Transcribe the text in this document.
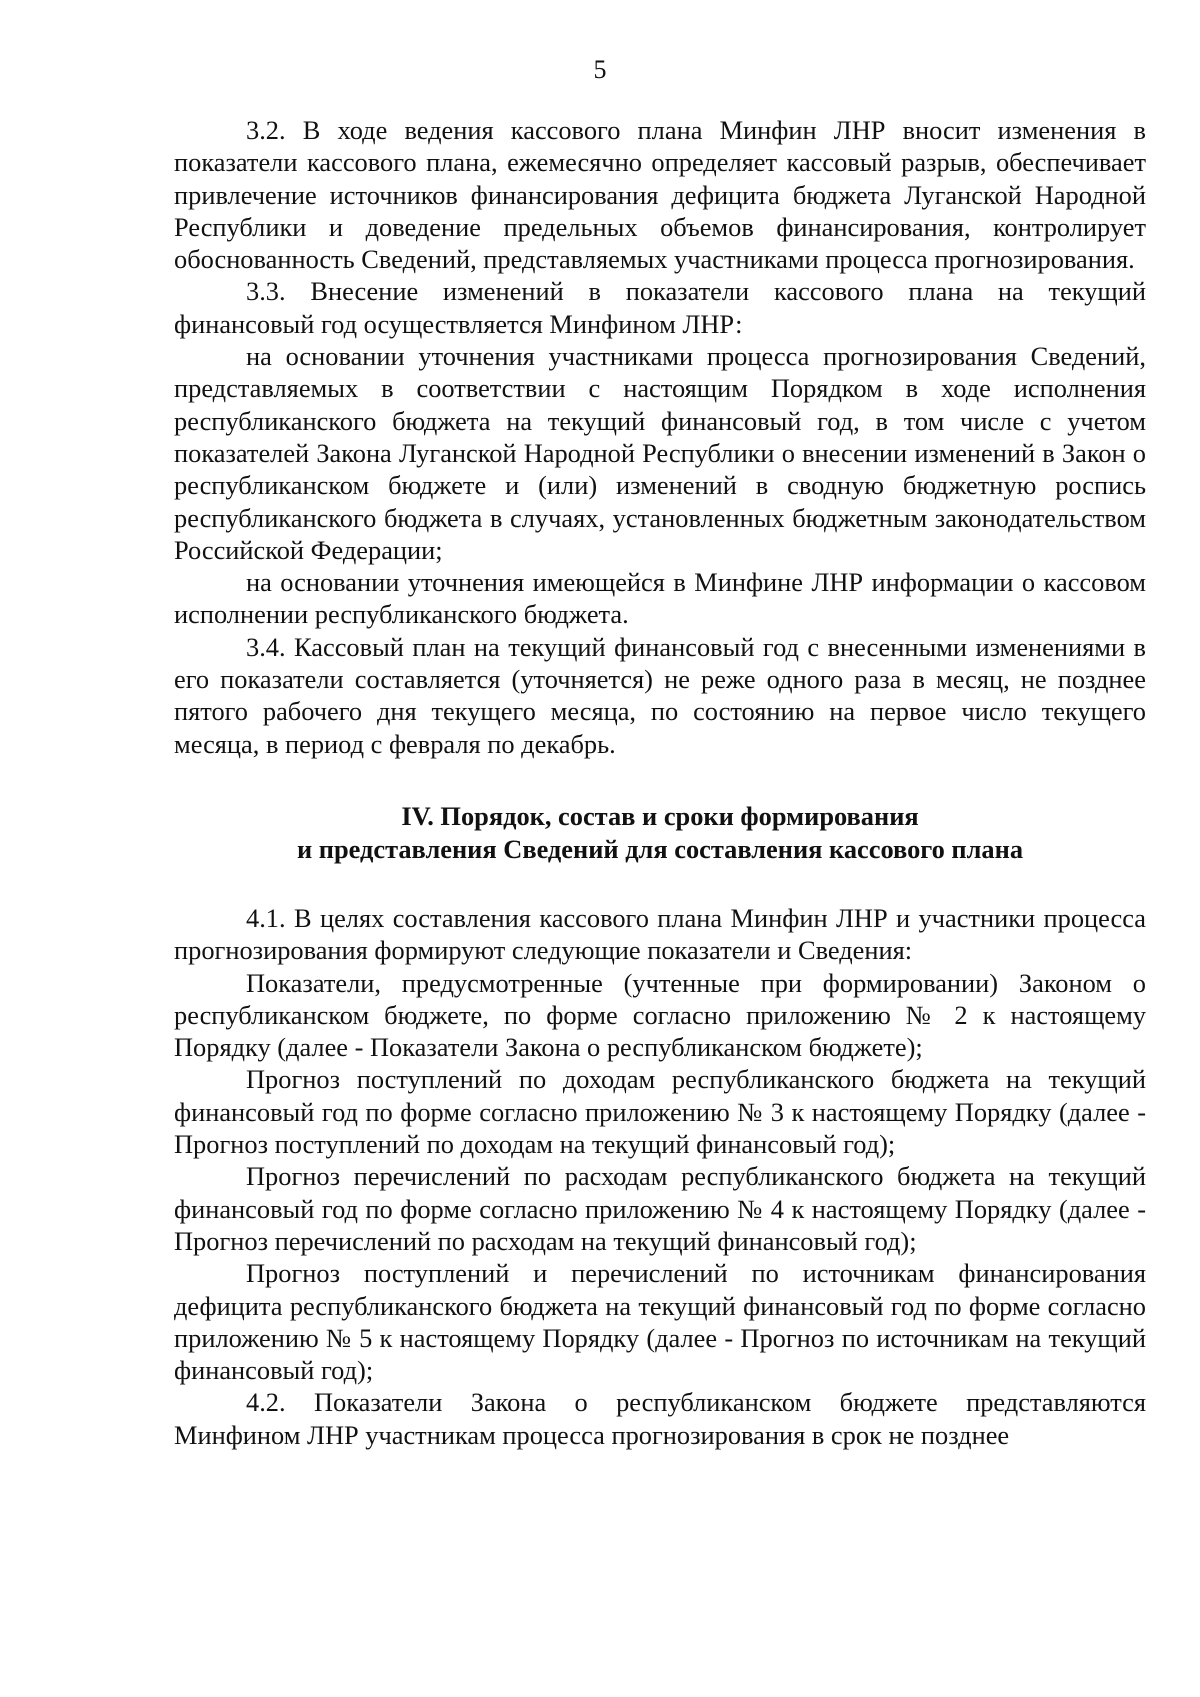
5

3.2. В ходе ведения кассового плана Минфин ЛНР вносит изменения в показатели кассового плана, ежемесячно определяет кассовый разрыв, обеспечивает привлечение источников финансирования дефицита бюджета Луганской Народной Республики и доведение предельных объемов финансирования, контролирует обоснованность Сведений, представляемых участниками процесса прогнозирования.

3.3. Внесение изменений в показатели кассового плана на текущий финансовый год осуществляется Минфином ЛНР:

на основании уточнения участниками процесса прогнозирования Сведений, представляемых в соответствии с настоящим Порядком в ходе исполнения республиканского бюджета на текущий финансовый год, в том числе с учетом показателей Закона Луганской Народной Республики о внесении изменений в Закон о республиканском бюджете и (или) изменений в сводную бюджетную роспись республиканского бюджета в случаях, установленных бюджетным законодательством Российской Федерации;

на основании уточнения имеющейся в Минфине ЛНР информации о кассовом исполнении республиканского бюджета.

3.4. Кассовый план на текущий финансовый год с внесенными изменениями в его показатели составляется (уточняется) не реже одного раза в месяц, не позднее пятого рабочего дня текущего месяца, по состоянию на первое число текущего месяца, в период с февраля по декабрь.

IV. Порядок, состав и сроки формирования

и представления Сведений для составления кассового плана

4.1. В целях составления кассового плана Минфин ЛНР и участники процесса прогнозирования формируют следующие показатели и Сведения:

Показатели, предусмотренные (учтенные при формировании) Законом о республиканском бюджете, по форме согласно приложению № 2 к настоящему Порядку (далее - Показатели Закона о республиканском бюджете);

Прогноз поступлений по доходам республиканского бюджета на текущий финансовый год по форме согласно приложению № 3 к настоящему Порядку (далее - Прогноз поступлений по доходам на текущий финансовый год);

Прогноз перечислений по расходам республиканского бюджета на текущий финансовый год по форме согласно приложению № 4 к настоящему Порядку (далее - Прогноз перечислений по расходам на текущий финансовый год);

Прогноз поступлений и перечислений по источникам финансирования дефицита республиканского бюджета на текущий финансовый год по форме согласно приложению № 5 к настоящему Порядку (далее - Прогноз по источникам на текущий финансовый год);

4.2. Показатели Закона о республиканском бюджете представляются Минфином ЛНР участникам процесса прогнозирования в срок не позднее
